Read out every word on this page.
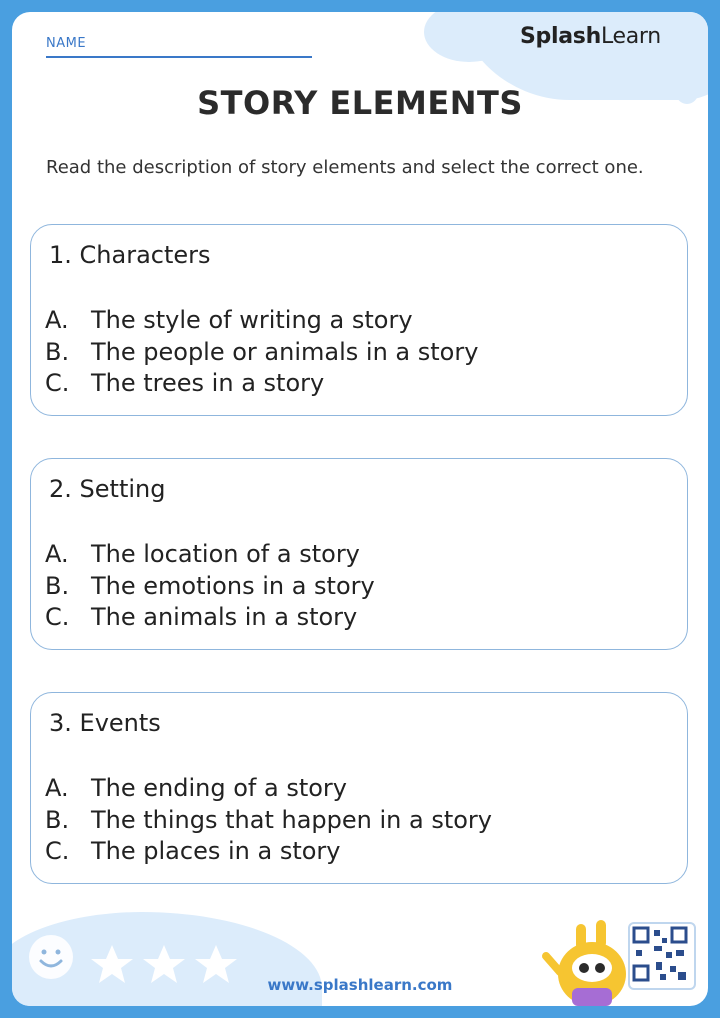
SplashLearn
NAME
STORY ELEMENTS
Read the description of story elements and select the correct one.
1. Characters
A. The style of writing a story
B. The people or animals in a story
C. The trees in a story
2. Setting
A. The location of a story
B. The emotions in a story
C. The animals in a story
3. Events
A. The ending of a story
B. The things that happen in a story
C. The places in a story
www.splashlearn.com
